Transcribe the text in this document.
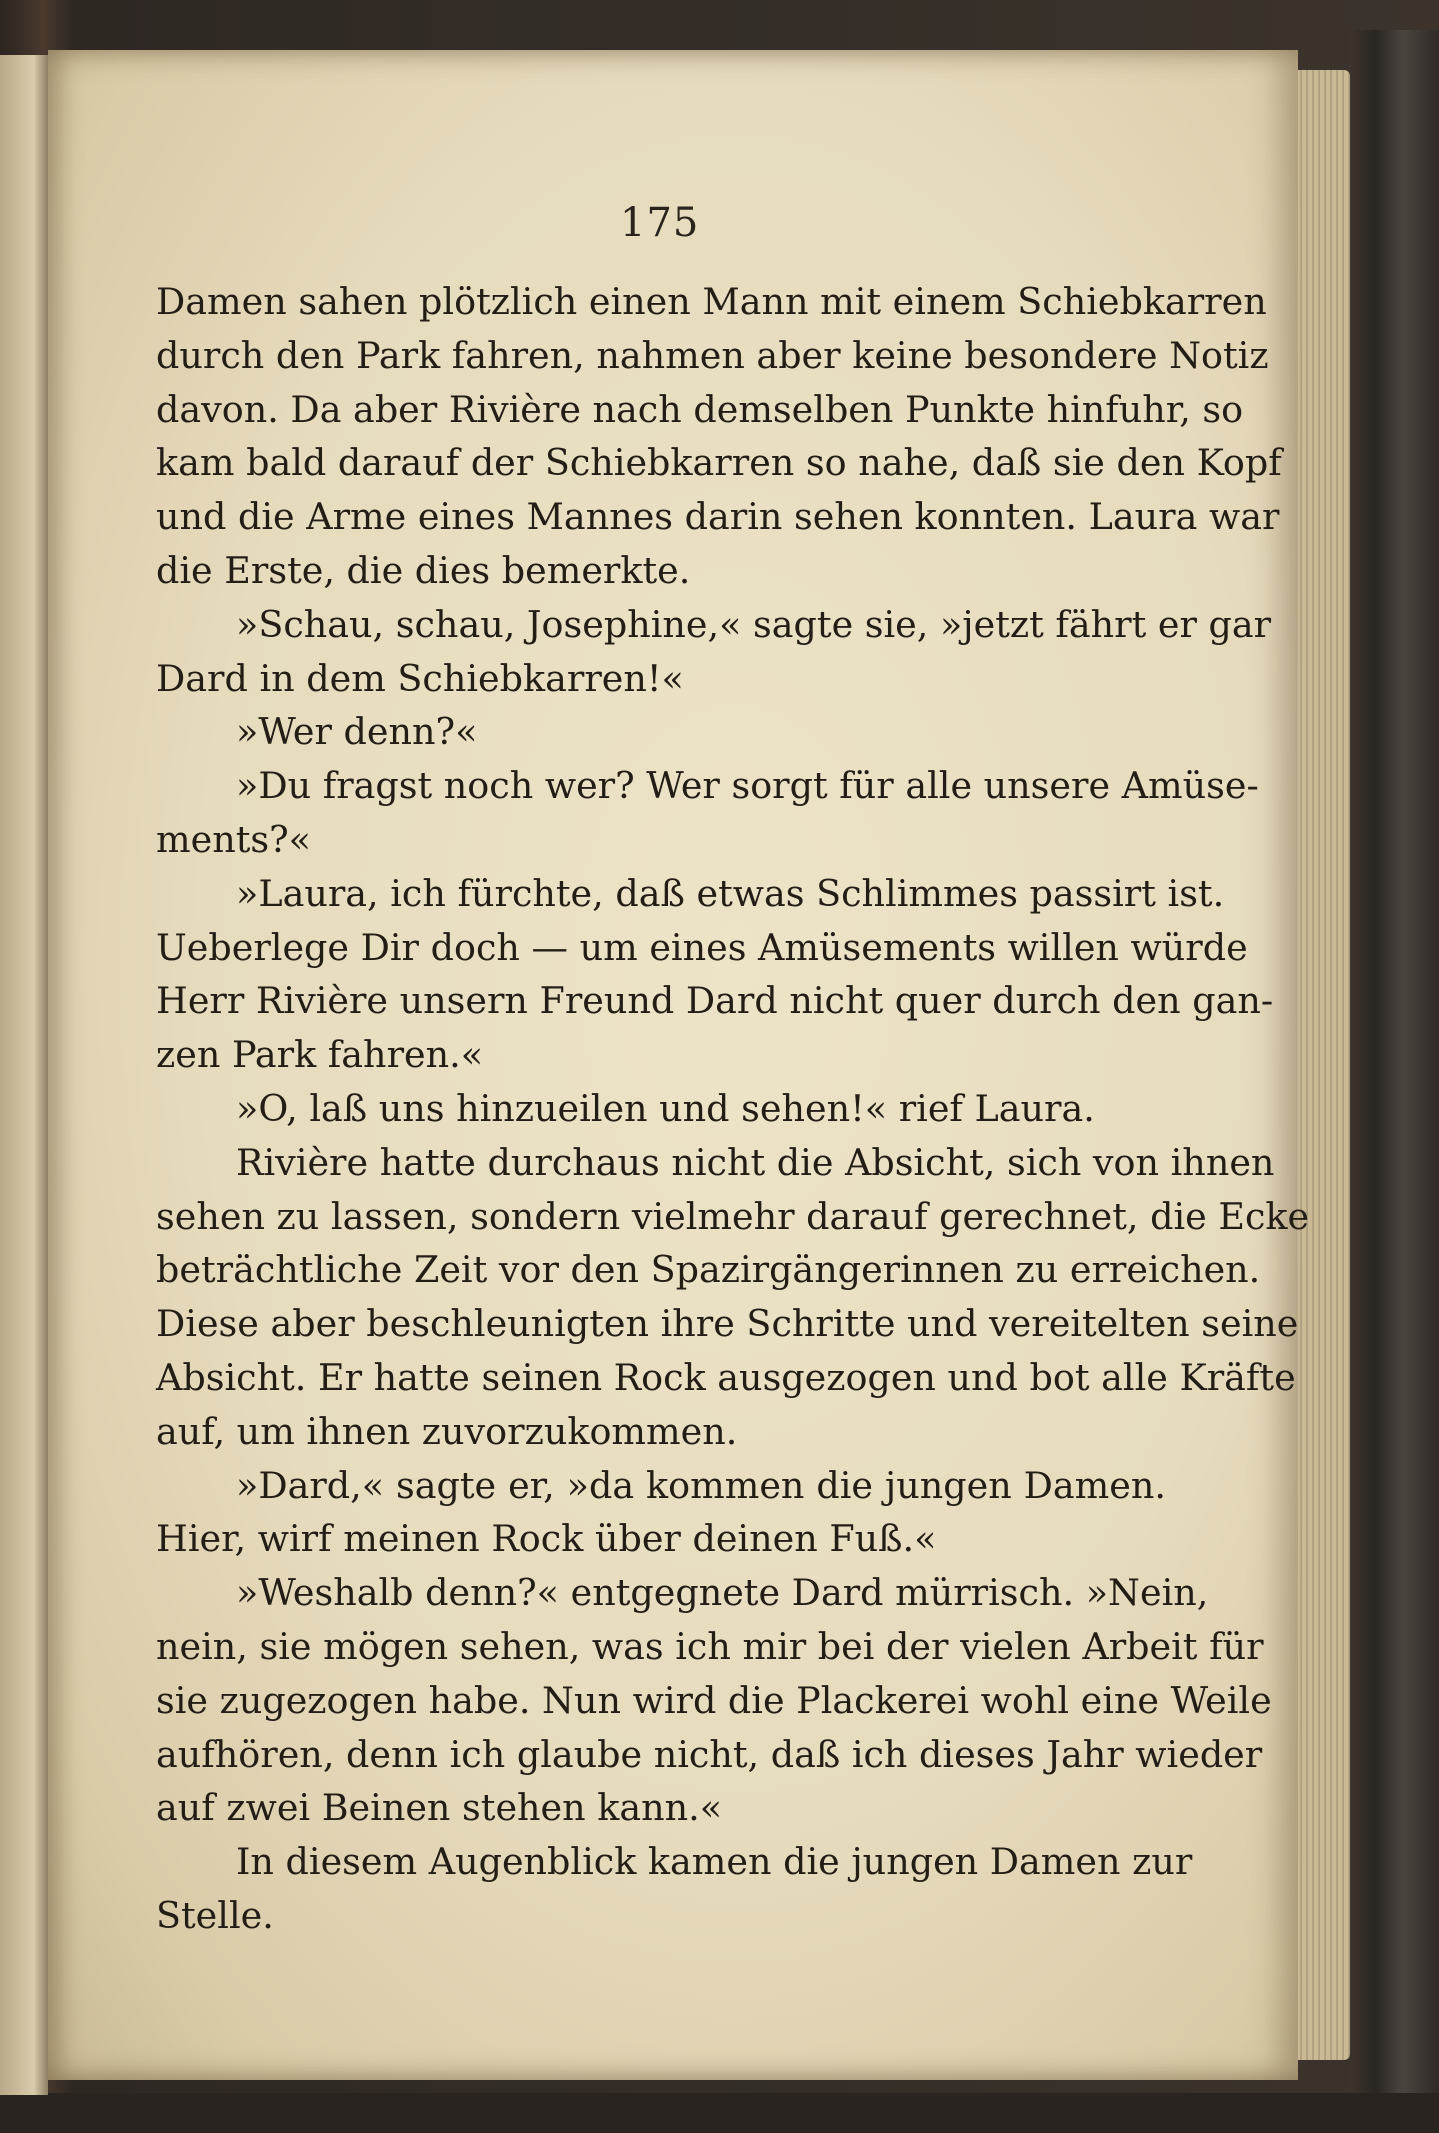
175
Damen sahen plötzlich einen Mann mit einem Schiebkarren
durch den Park fahren, nahmen aber keine besondere Notiz
davon. Da aber Rivière nach demselben Punkte hinfuhr, so
kam bald darauf der Schiebkarren so nahe, daß sie den Kopf
und die Arme eines Mannes darin sehen konnten. Laura war
die Erste, die dies bemerkte.
»Schau, schau, Josephine,« sagte sie, »jetzt fährt er gar
Dard in dem Schiebkarren!«
»Wer denn?«
»Du fragst noch wer? Wer sorgt für alle unsere Amüse-
ments?«
»Laura, ich fürchte, daß etwas Schlimmes passirt ist.
Ueberlege Dir doch — um eines Amüsements willen würde
Herr Rivière unsern Freund Dard nicht quer durch den gan-
zen Park fahren.«
»O, laß uns hinzueilen und sehen!« rief Laura.
Rivière hatte durchaus nicht die Absicht, sich von ihnen
sehen zu lassen, sondern vielmehr darauf gerechnet, die Ecke
beträchtliche Zeit vor den Spazirgängerinnen zu erreichen.
Diese aber beschleunigten ihre Schritte und vereitelten seine
Absicht. Er hatte seinen Rock ausgezogen und bot alle Kräfte
auf, um ihnen zuvorzukommen.
»Dard,« sagte er, »da kommen die jungen Damen.
Hier, wirf meinen Rock über deinen Fuß.«
»Weshalb denn?« entgegnete Dard mürrisch. »Nein,
nein, sie mögen sehen, was ich mir bei der vielen Arbeit für
sie zugezogen habe. Nun wird die Plackerei wohl eine Weile
aufhören, denn ich glaube nicht, daß ich dieses Jahr wieder
auf zwei Beinen stehen kann.«
In diesem Augenblick kamen die jungen Damen zur
Stelle.
